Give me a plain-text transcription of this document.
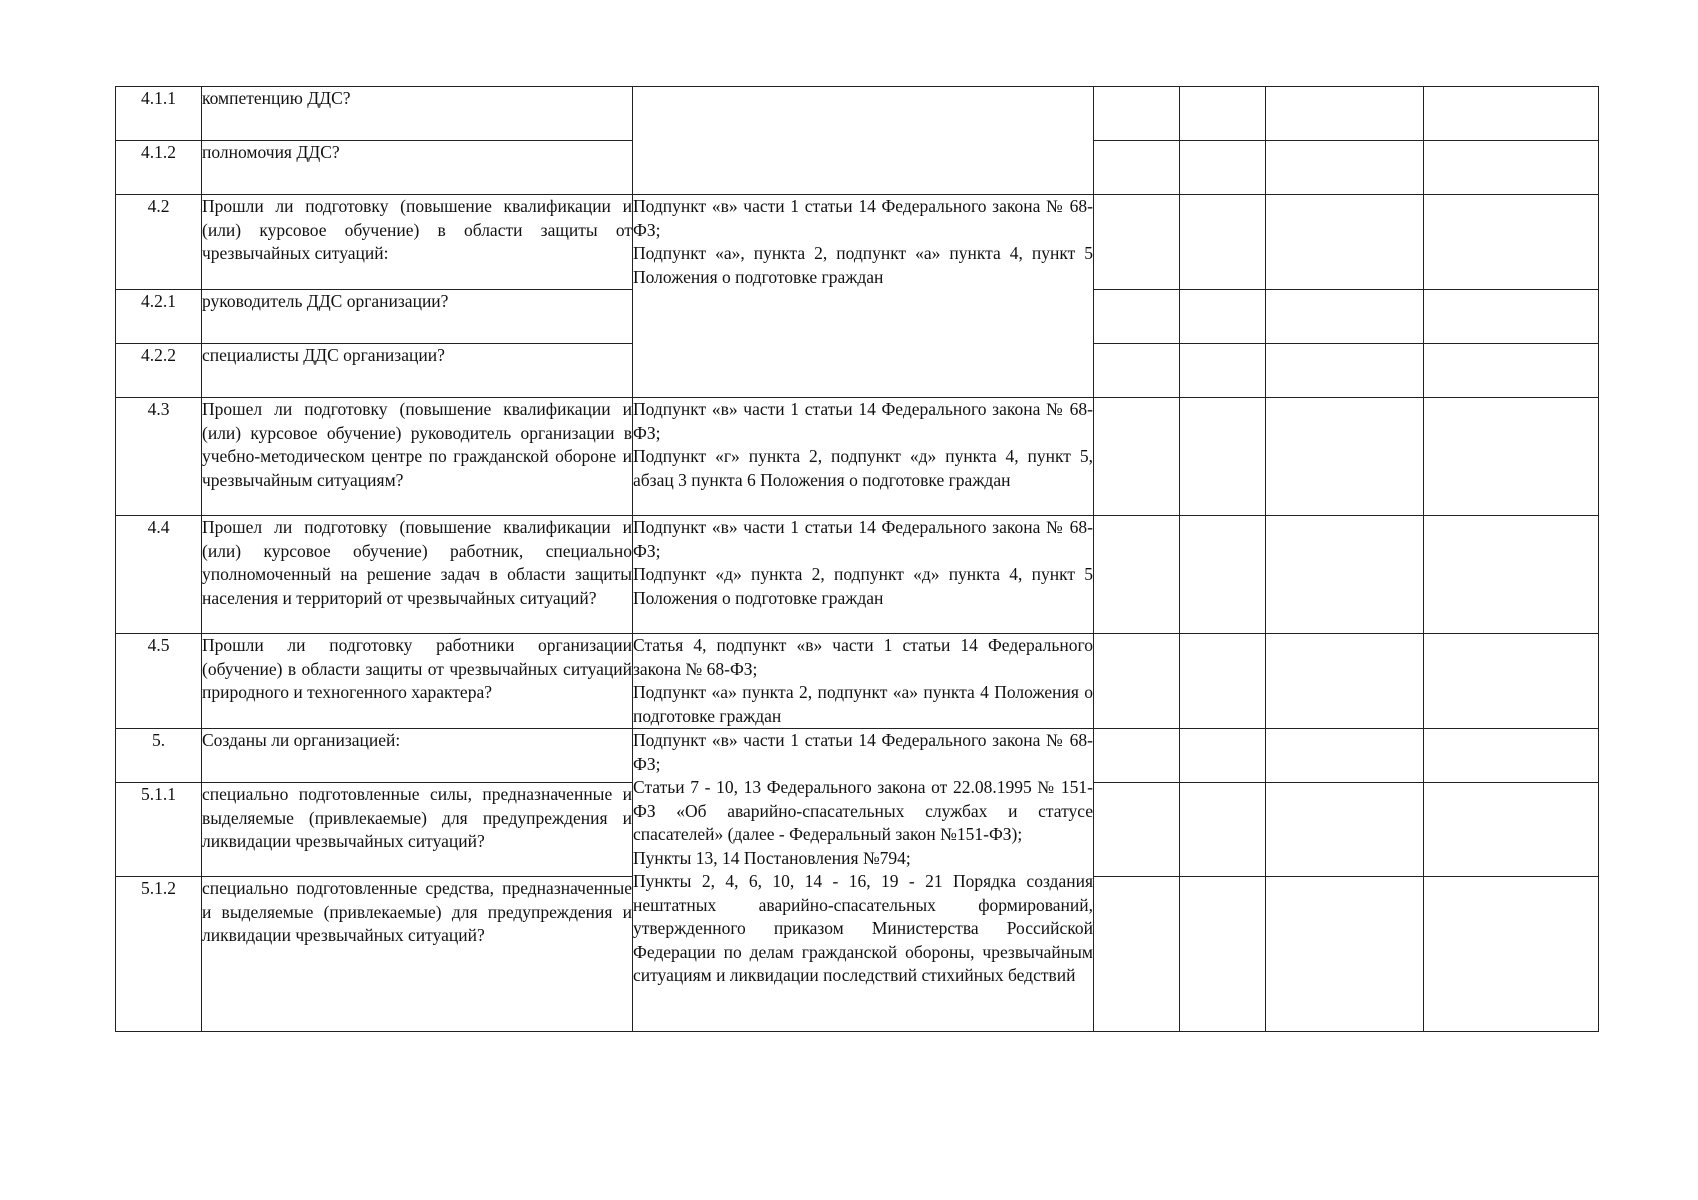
4.1.1	компетенцию ДДС?					
4.1.2	полномочия ДДС?					
4.2	Прошли ли подготовку (повышение квалификации и (или) курсовое обучение) в области защиты от чрезвычайных ситуаций:	Подпункт «в» части 1 статьи 14 Федерального закона № 68-ФЗ;

Подпункт «а», пункта 2, подпункт «а» пункта 4, пункт 5 Положения о подготовке граждан				

4.2.1	руководитель ДДС организации?					
4.2.2	специалисты ДДС организации?					
4.3	Прошел ли подготовку (повышение квалификации и (или) курсовое обучение) руководитель организации в учебно-методическом центре по гражданской обороне и чрезвычайным ситуациям?	Подпункт «в» части 1 статьи 14 Федерального закона № 68-ФЗ;

Подпункт «г» пункта 2, подпункт «д» пункта 4, пункт 5, абзац 3 пункта 6 Положения о подготовке граждан				

4.4	Прошел ли подготовку (повышение квалификации и (или) курсовое обучение) работник, специально уполномоченный на решение задач в области защиты населения и территорий от чрезвычайных ситуаций?	Подпункт «в» части 1 статьи 14 Федерального закона № 68-ФЗ;

Подпункт «д» пункта 2, подпункт «д» пункта 4, пункт 5 Положения о подготовке граждан				

4.5	Прошли ли подготовку работники организации (обучение) в области защиты от чрезвычайных ситуаций природного и техногенного характера?	Статья 4, подпункт «в» части 1 статьи 14 Федерального закона № 68-ФЗ;

Подпункт «а» пункта 2, подпункт «а» пункта 4 Положения о подготовке граждан				

5.	Созданы ли организацией:	Подпункт «в» части 1 статьи 14 Федерального закона № 68-ФЗ;

Статьи 7 - 10, 13 Федерального закона от 22.08.1995 № 151-ФЗ «Об аварийно-спасательных службах и статусе спасателей» (далее - Федеральный закон №151-ФЗ);

Пункты 13, 14 Постановления №794;

Пункты 2, 4, 6, 10, 14 - 16, 19 - 21 Порядка создания нештатных аварийно-спасательных формирований, утвержденного приказом Министерства Российской Федерации по делам гражданской обороны, чрезвычайным ситуациям и ликвидации последствий стихийных бедствий				

5.1.1	специально подготовленные силы, предназначенные и выделяемые (привлекаемые) для предупреждения и ликвидации чрезвычайных ситуаций?					
5.1.2	специально подготовленные средства, предназначенные и выделяемые (привлекаемые) для предупреждения и ликвидации чрезвычайных ситуаций?					
